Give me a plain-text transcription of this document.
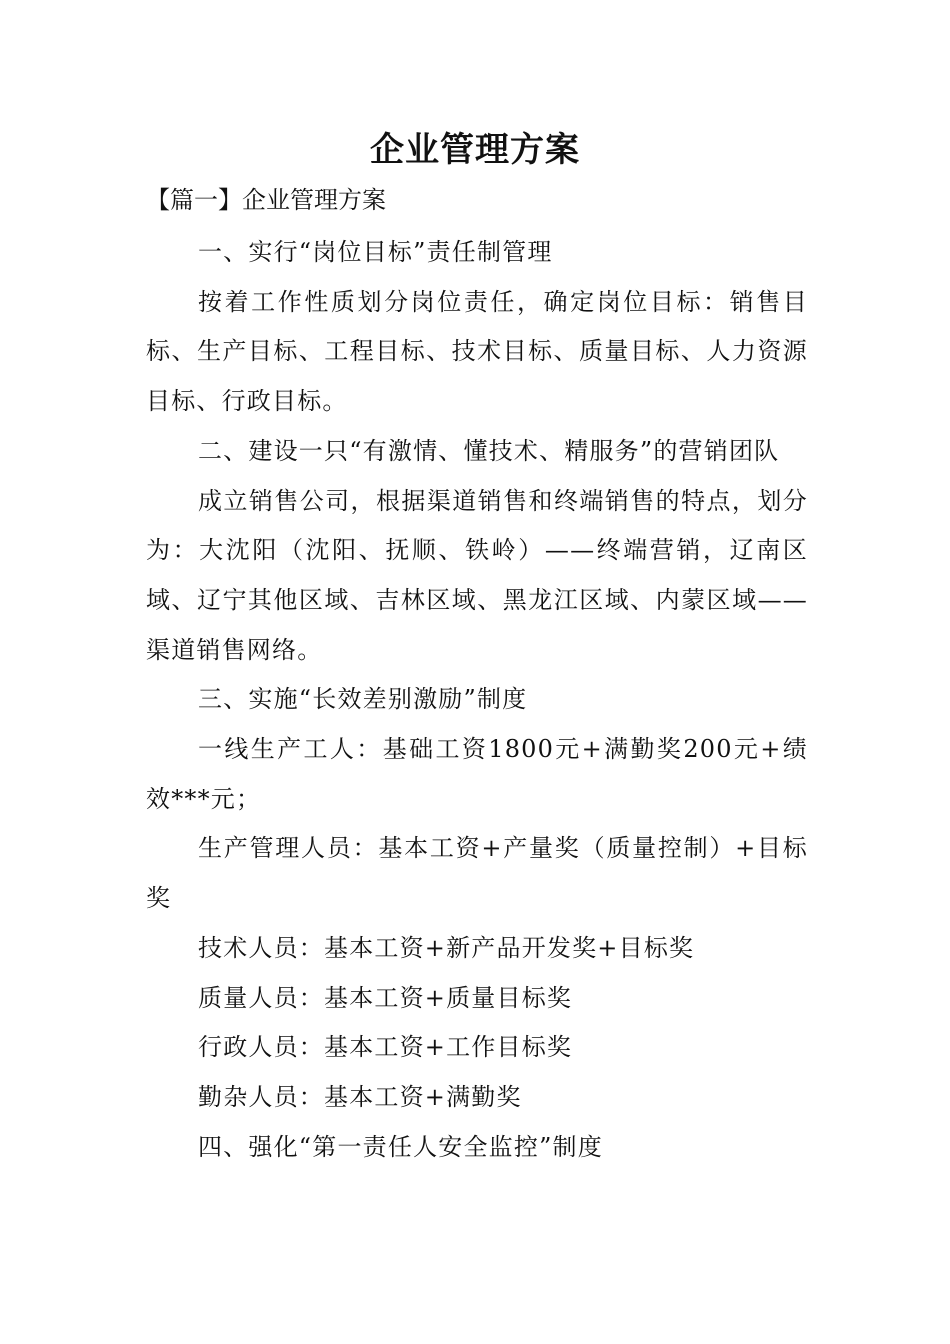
企业管理方案
【篇一】企业管理方案

一、实行“岗位目标”责任制管理

按着工作性质划分岗位责任，确定岗位目标：销售目标、生产目标、工程目标、技术目标、质量目标、人力资源目标、行政目标。

二、建设一只“有激情、懂技术、精服务”的营销团队

成立销售公司，根据渠道销售和终端销售的特点，划分为：大沈阳（沈阳、抚顺、铁岭）——终端营销，辽南区域、辽宁其他区域、吉林区域、黑龙江区域、内蒙区域——渠道销售网络。

三、实施“长效差别激励”制度

一线生产工人：基础工资1800元+满勤奖200元+绩效***元；

生产管理人员：基本工资+产量奖（质量控制）+目标奖

技术人员：基本工资+新产品开发奖+目标奖

质量人员：基本工资+质量目标奖

行政人员：基本工资+工作目标奖

勤杂人员：基本工资+满勤奖

四、强化“第一责任人安全监控”制度
